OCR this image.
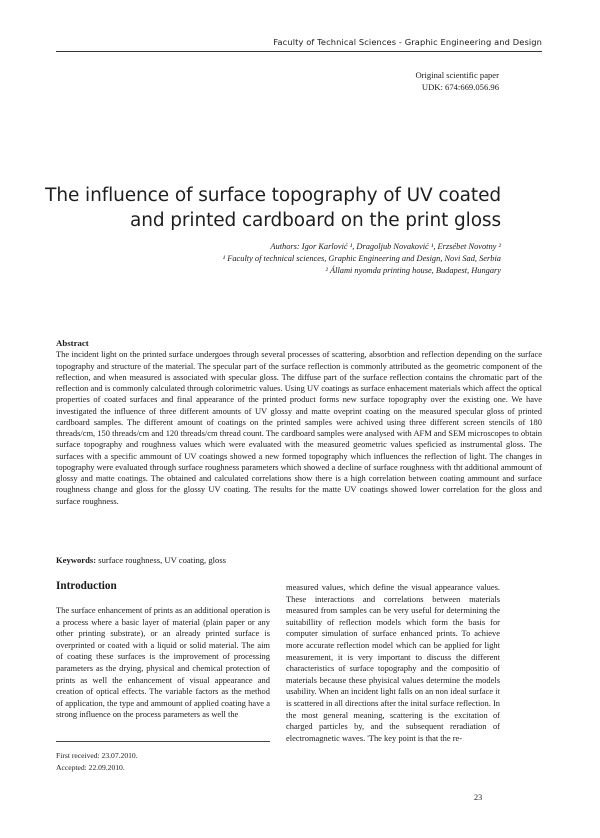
Faculty of Technical Sciences - Graphic Engineering and Design
Original scientific paper
UDK: 674:669.056.96
The influence of surface topography of UV coated
and printed cardboard on the print gloss
Authors: Igor Karlović ¹, Dragoljub Novaković ¹, Erzsébet Novotny ²
¹ Faculty of technical sciences, Graphic Engineering and Design, Novi Sad, Serbia
² Állami nyomda printing house, Budapest, Hungary
Abstract
The incident light on the printed surface undergoes through several processes of scattering, absorbtion and reflection depending on the surface topography and structure of the material. The specular part of the surface reflection is commonly attributed as the geometric component of the reflection, and when measured is associated with specular gloss. The diffuse part of the surface reflection contains the chromatic part of the reflection and is commonly calculated through colorimetric values. Using UV coatings as surface enhacement materials which affect the optical properties of coated surfaces and final appearance of the printed product forms new surface topography over the existing one. We have investigated the influence of three different amounts of UV glossy and matte oveprint coating on the measured specular gloss of printed cardboard samples. The different amount of coatings on the printed samples were achived using three different screen stencils of 180 threads/cm, 150 threads/cm and 120 threads/cm thread count. The cardboard samples were analysed with AFM and SEM microscopes to obtain surface topography and roughness values which were evaluated with the measured geometric values speficied as instrumental gloss. The surfaces with a specific ammount of UV coatings showed a new formed topography which influences the reflection of light. The changes in topography were evaluated through surface roughness parameters which showed a decline of surface roughness with tht additional ammount of glossy and matte coatings. The obtained and calculated correlations show there is a high correlation between coating ammount and surface roughness change and gloss for the glossy UV coating. The results for the matte UV coatings showed lower correlation for the gloss and surface roughness.
Keywords: surface roughness, UV coating, gloss
Introduction
The surface enhancement of prints as an additional operation is a process where a basic layer of material (plain paper or any other printing substrate), or an already printed surface is overprinted or coated with a liquid or solid material. The aim of coating these surfaces is the improvement of processing parameters as the drying, physical and chemical protection of prints as well the enhancement of visual appearance and creation of optical effects. The variable factors as the method of application, the type and ammount of applied coating have a strong influence on the process parameters as well the
measured values, which define the visual appearance values. These interactions and correlations between materials measured from samples can be very useful for determining the suitabillity of reflection models which form the basis for computer simulation of surface enhanced prints. To achieve more accurate reflection model which can be applied for light measurement, it is very important to discuss the different characteristics of surface topography and the compositio of materials because these phyisical values determine the models usability. When an incident light falls on an non ideal surface it is scattered in all directions after the inital surface reflection. In the most general meaning, scattering is the excitation of charged particles by, and the subsequent reradiation of electromagnetic waves. 'The key point is that the re-
First received: 23.07.2010.
Accepted: 22.09.2010.
23
